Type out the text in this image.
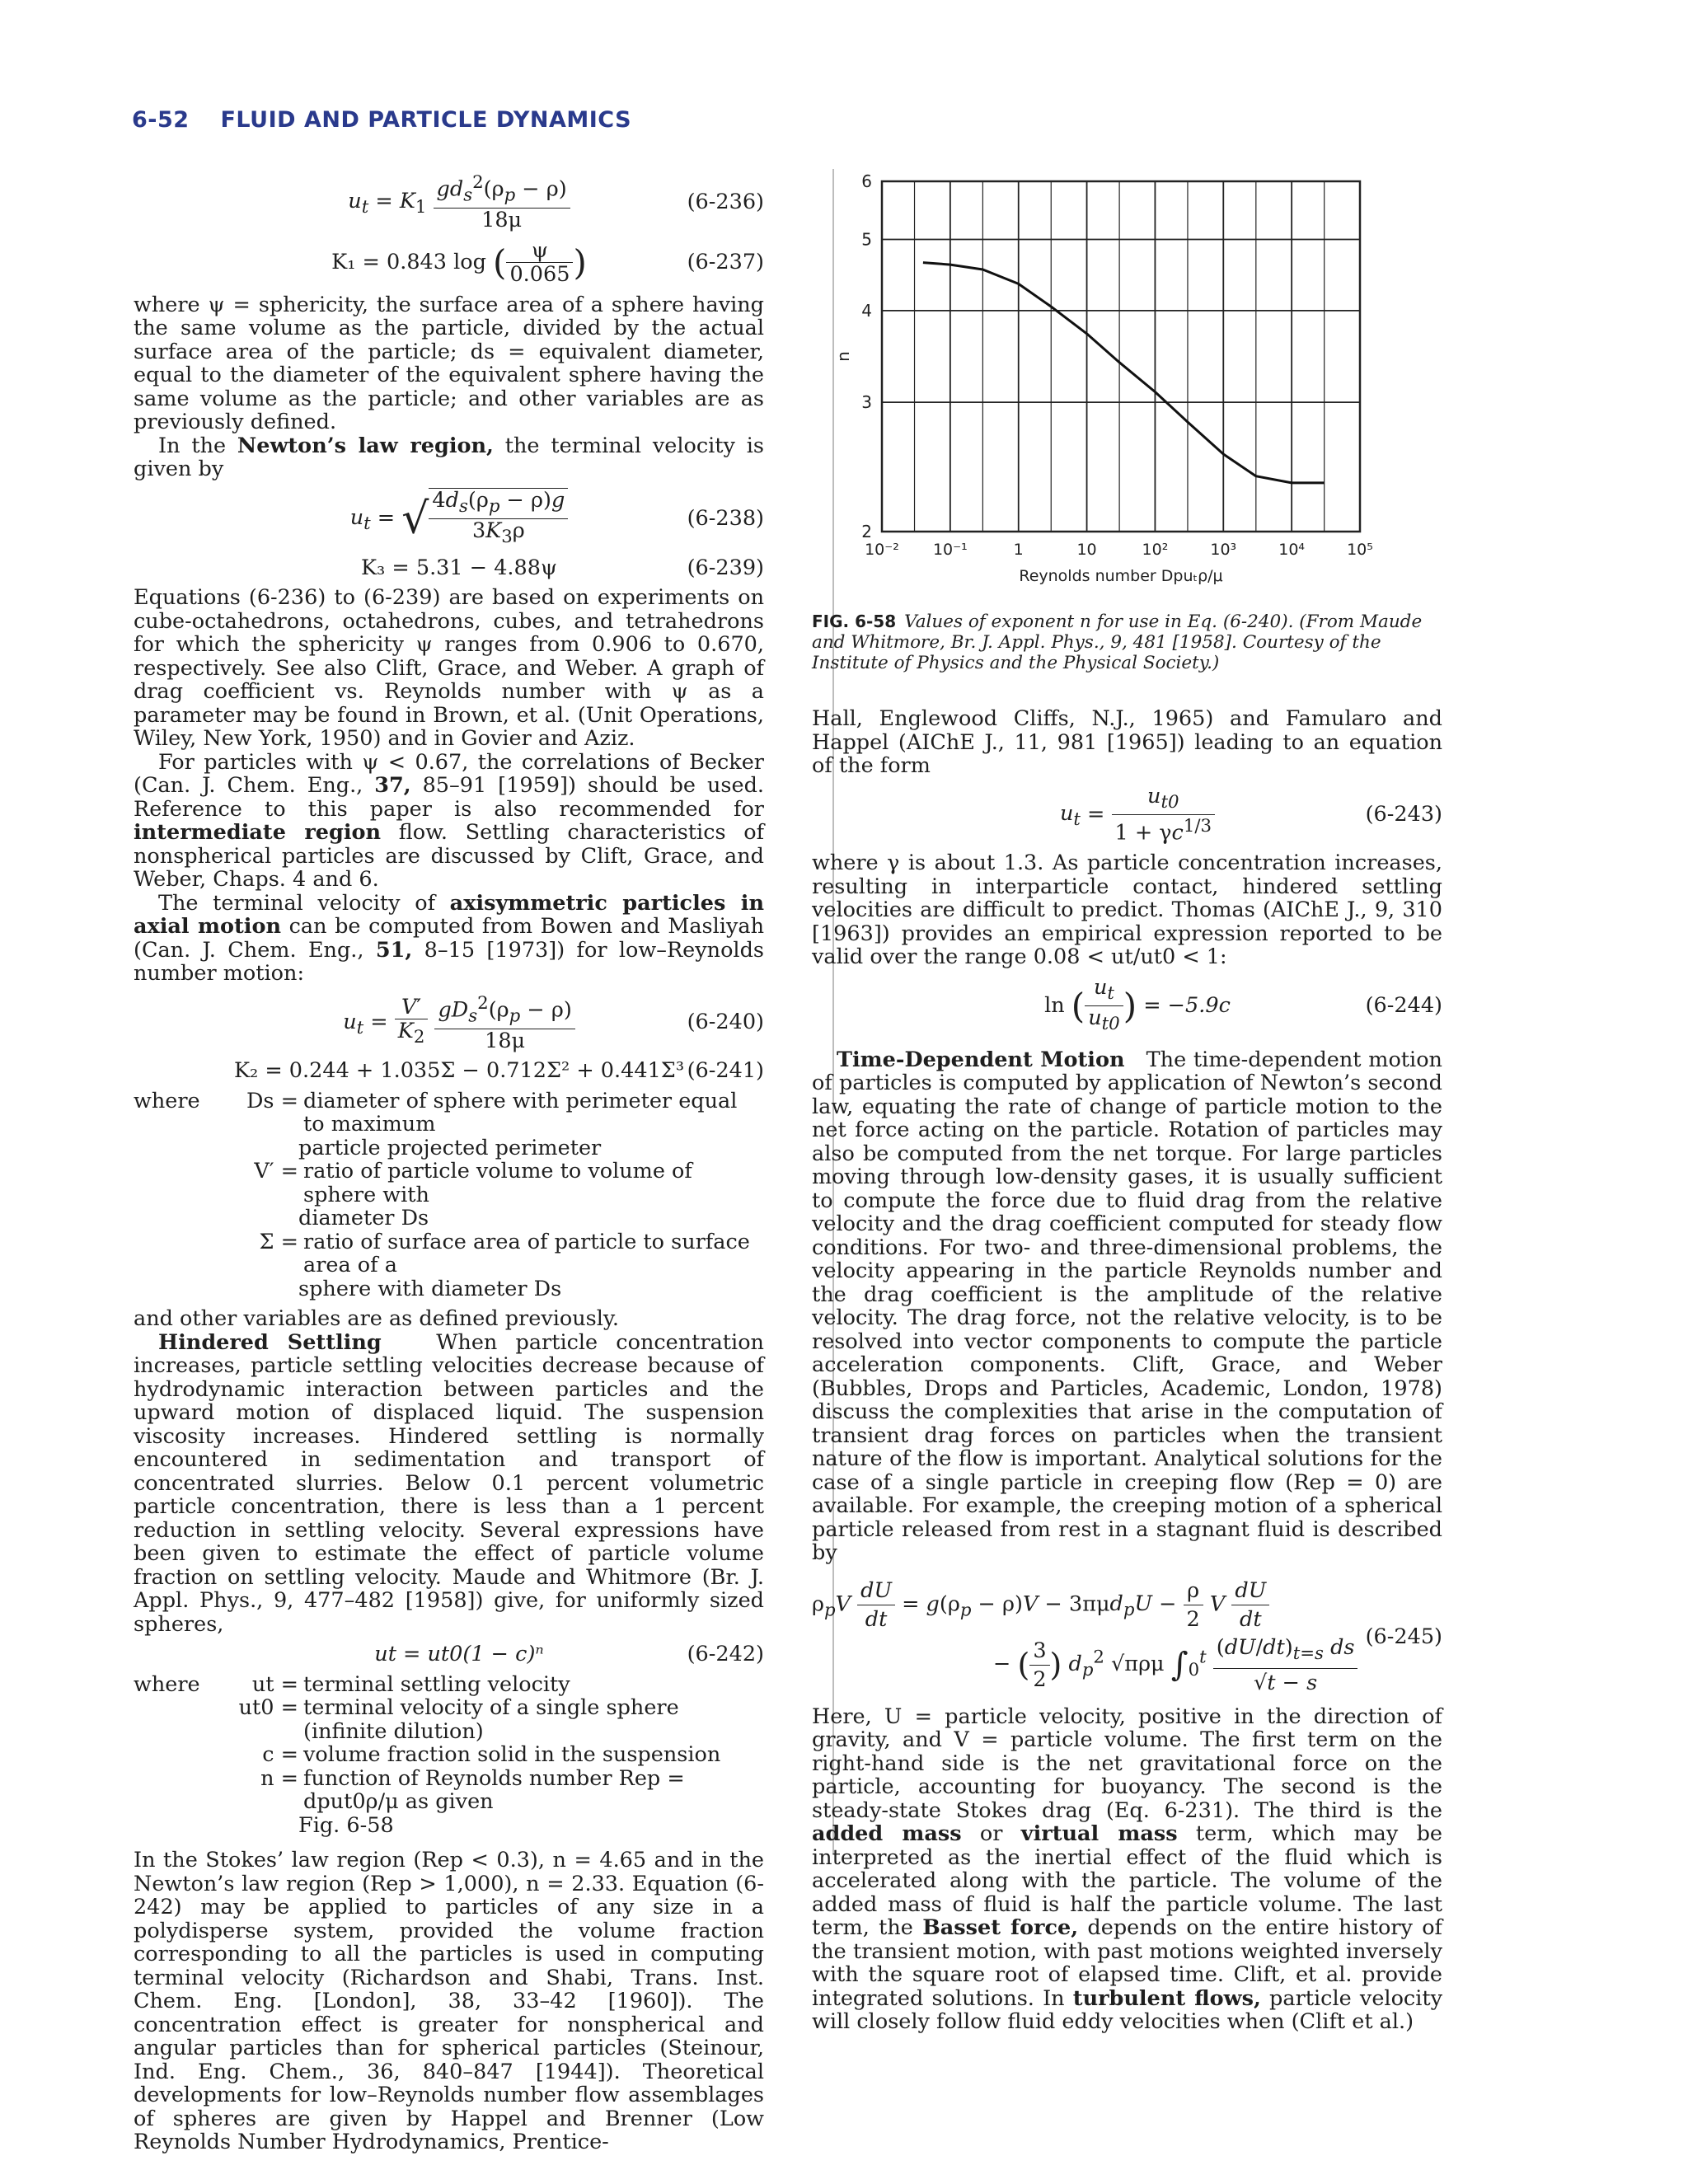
6-52 FLUID AND PARTICLE DYNAMICS
$u_t = K_1 \frac{gd_s^2(\rho_p - \rho)}{18\mu}$	(6-236)
K₁ = 0.843 log ( $\frac{\psi}{0.065}$ )	(6-237)

where ψ = sphericity, the surface area of a sphere having the same volume as the particle, divided by the actual surface area of the particle; ds = equivalent diameter, equal to the diameter of the equivalent sphere having the same volume as the particle; and other variables are as previously defined.

In the Newton’s law region, the terminal velocity is given by

$u_t$ = √ $\frac{4d_s(\rho_p - \rho)g}{3K_3\rho}$	(6-238)
K₃ = 5.31 − 4.88ψ	(6-239)

Equations (6-236) to (6-239) are based on experiments on cube-octahedrons, octahedrons, cubes, and tetrahedrons for which the sphericity ψ ranges from 0.906 to 0.670, respectively. See also Clift, Grace, and Weber. A graph of drag coefficient vs. Reynolds number with ψ as a parameter may be found in Brown, et al. (Unit Operations, Wiley, New York, 1950) and in Govier and Aziz.

For particles with ψ < 0.67, the correlations of Becker (Can. J. Chem. Eng., 37, 85–91 [1959]) should be used. Reference to this paper is also recommended for intermediate region flow. Settling characteristics of nonspherical particles are discussed by Clift, Grace, and Weber, Chaps. 4 and 6.

The terminal velocity of axisymmetric particles in axial motion can be computed from Bowen and Masliyah (Can. J. Chem. Eng., 51, 8–15 [1973]) for low–Reynolds number motion:

$u_t = \frac{V'}{K_2}$
$\frac{gD_s^2(\rho_p - \rho)}{18\mu}$	(6-240)
K₂ = 0.244 + 1.035Σ − 0.712Σ² + 0.441Σ³ (6-241)
where	Ds = diameter of sphere with perimeter equal to maximum
particle projected perimeter
V′ = ratio of particle volume to volume of sphere with
diameter Ds
Σ = ratio of surface area of particle to surface area of a
sphere with diameter Ds

and other variables are as defined previously.

Hindered Settling	When particle concentration increases, particle settling velocities decrease because of hydrodynamic interaction between particles and the upward motion of displaced liquid. The suspension viscosity increases. Hindered settling is normally encountered in sedimentation and transport of concentrated slurries. Below 0.1 percent volumetric particle concentration, there is less than a 1 percent reduction in settling velocity. Several expressions have been given to estimate the effect of particle volume fraction on settling velocity. Maude and Whitmore (Br. J. Appl. Phys., 9, 477–482 [1958]) give, for uniformly sized spheres,

ut = ut0(1 − c)ⁿ	(6-242)
where	ut = terminal settling velocity
ut0 = terminal velocity of a single sphere (infinite dilution)
c = volume fraction solid in the suspension
n = function of Reynolds number Rep = dput0ρ/μ as given
Fig. 6-58

In the Stokes’ law region (Rep < 0.3), n = 4.65 and in the Newton’s law region (Rep > 1,000), n = 2.33. Equation (6-242) may be applied to particles of any size in a polydisperse system, provided the volume fraction corresponding to all the particles is used in computing terminal velocity (Richardson and Shabi, Trans. Inst. Chem. Eng. [London], 38, 33–42 [1960]). The concentration effect is greater for nonspherical and angular particles than for spherical particles (Steinour, Ind. Eng. Chem., 36, 840–847 [1944]). Theoretical developments for low–Reynolds number flow assemblages of spheres are given by Happel and Brenner (Low Reynolds Number Hydrodynamics, Prentice-

10⁻² 10⁻¹	1	10	10²	10³	10⁴	10⁵
2
3
4
5
6
n
Reynolds number Dpuₜρ/μ
FIG. 6-58 Values of exponent n for use in Eq. (6-240). (From Maude and Whitmore, Br. J. Appl. Phys., 9, 481 [1958]. Courtesy of the Institute of Physics and the Physical Society.)

Hall, Englewood Cliffs, N.J., 1965) and Famularo and Happel (AIChE J., 11, 981 [1965]) leading to an equation of the form

$u_t = \frac{u_{t0}}{1 + \gamma c^{1/3}}$	(6-243)

where γ is about 1.3. As particle concentration increases, resulting in interparticle contact, hindered settling velocities are difficult to predict. Thomas (AIChE J., 9, 310 [1963]) provides an empirical expression reported to be valid over the range 0.08 < ut/ut0 < 1:

ln ( $\frac{u_t}{u_{t0}}$ ) = −5.9c	(6-244)

Time-Dependent Motion The time-dependent motion of particles is computed by application of Newton’s second law, equating the rate of change of particle motion to the net force acting on the particle. Rotation of particles may also be computed from the net torque. For large particles moving through low-density gases, it is usually sufficient to compute the force due to fluid drag from the relative velocity and the drag coefficient computed for steady flow conditions. For two- and three-dimensional problems, the velocity appearing in the particle Reynolds number and the drag coefficient is the amplitude of the relative velocity. The drag force, not the relative velocity, is to be resolved into vector components to compute the particle acceleration components. Clift, Grace, and Weber (Bubbles, Drops and Particles, Academic, London, 1978) discuss the complexities that arise in the computation of transient drag forces on particles when the transient nature of the flow is important. Analytical solutions for the case of a single particle in creeping flow (Rep = 0) are available. For example, the creeping motion of a spherical particle released from rest in a stagnant fluid is described by

$\rho_pV \frac{dU}{dt} = g(\rho_p - \rho)V - 3\pi\mu d_pU - \frac{\rho}{2}$ V $\frac{dU}{dt}$

− ( $\frac{3}{2}$ ) $d_p^2$ √πρμ $\int_0^t \frac{(dU/dt)_{t=s} ds}{√t - s} (6-245)$

Here, U = particle velocity, positive in the direction of gravity, and V = particle volume. The first term on the right-hand side is the net gravitational force on the particle, accounting for buoyancy. The second is the steady-state Stokes drag (Eq. 6-231). The third is the added mass or virtual mass term, which may be interpreted as the inertial effect of the fluid which is accelerated along with the particle. The volume of the added mass of fluid is half the particle volume. The last term, the Basset force, depends on the entire history of the transient motion, with past motions weighted inversely with the square root of elapsed time. Clift, et al. provide integrated solutions. In turbulent flows, particle velocity will closely follow fluid eddy velocities when (Clift et al.)
